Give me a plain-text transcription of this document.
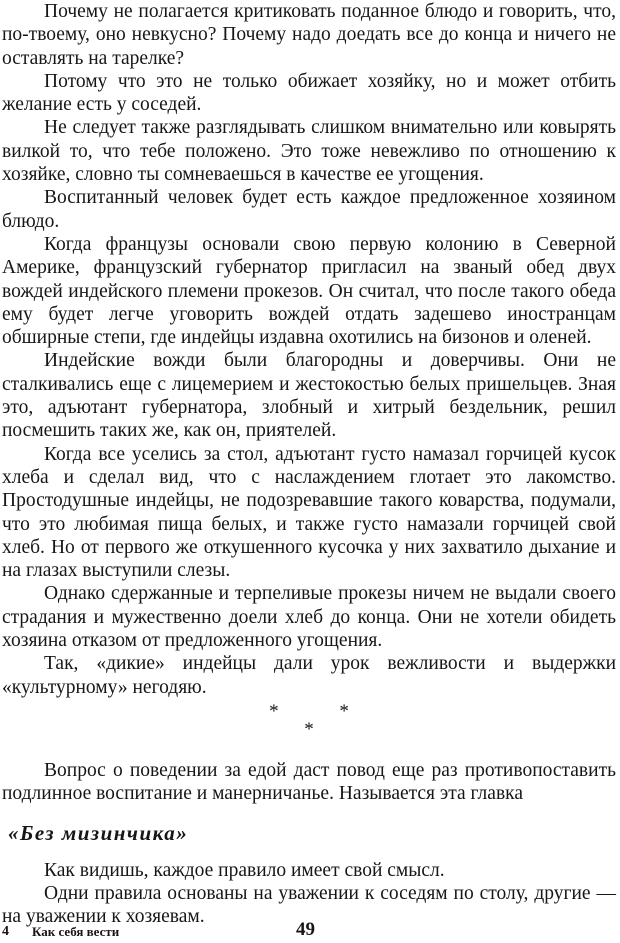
Почему не полагается критиковать поданное блюдо и говорить, что, по-твоему, оно невкусно? Почему надо доедать все до конца и ничего не оставлять на тарелке?

Потому что это не только обижает хозяйку, но и может отбить желание есть у соседей.

Не следует также разглядывать слишком внимательно или ковырять вилкой то, что тебе положено. Это тоже невежливо по отношению к хозяйке, словно ты сомневаешься в качестве ее угощения.

Воспитанный человек будет есть каждое предложенное хозяином блюдо.

Когда французы основали свою первую колонию в Северной Америке, французский губернатор пригласил на званый обед двух вождей индейского племени прокезов. Он считал, что после такого обеда ему будет легче уговорить вождей отдать задешево иностранцам обширные степи, где индейцы издавна охотились на бизонов и оленей.

Индейские вожди были благородны и доверчивы. Они не сталкивались еще с лицемерием и жестокостью белых пришельцев. Зная это, адъютант губернатора, злобный и хитрый бездельник, решил посмешить таких же, как он, приятелей.

Когда все уселись за стол, адъютант густо намазал горчицей кусок хлеба и сделал вид, что с наслаждением глотает это лакомство. Простодушные индейцы, не подозревавшие такого коварства, подумали, что это любимая пища белых, и также густо намазали горчицей свой хлеб. Но от первого же откушенного кусочка у них захватило дыхание и на глазах выступили слезы.

Однако сдержанные и терпеливые прокезы ничем не выдали своего страдания и мужественно доели хлеб до конца. Они не хотели обидеть хозяина отказом от предложенного угощения.

Так, «дикие» индейцы дали урок вежливости и выдержки «культурному» негодяю.

* *
*

Вопрос о поведении за едой даст повод еще раз противопоставить подлинное воспитание и манерничанье. Называется эта главка

«Без мизинчика»

Как видишь, каждое правило имеет свой смысл.

Одни правила основаны на уважении к соседям по столу, другие — на уважении к хозяевам.

4 Как себя вести	49
